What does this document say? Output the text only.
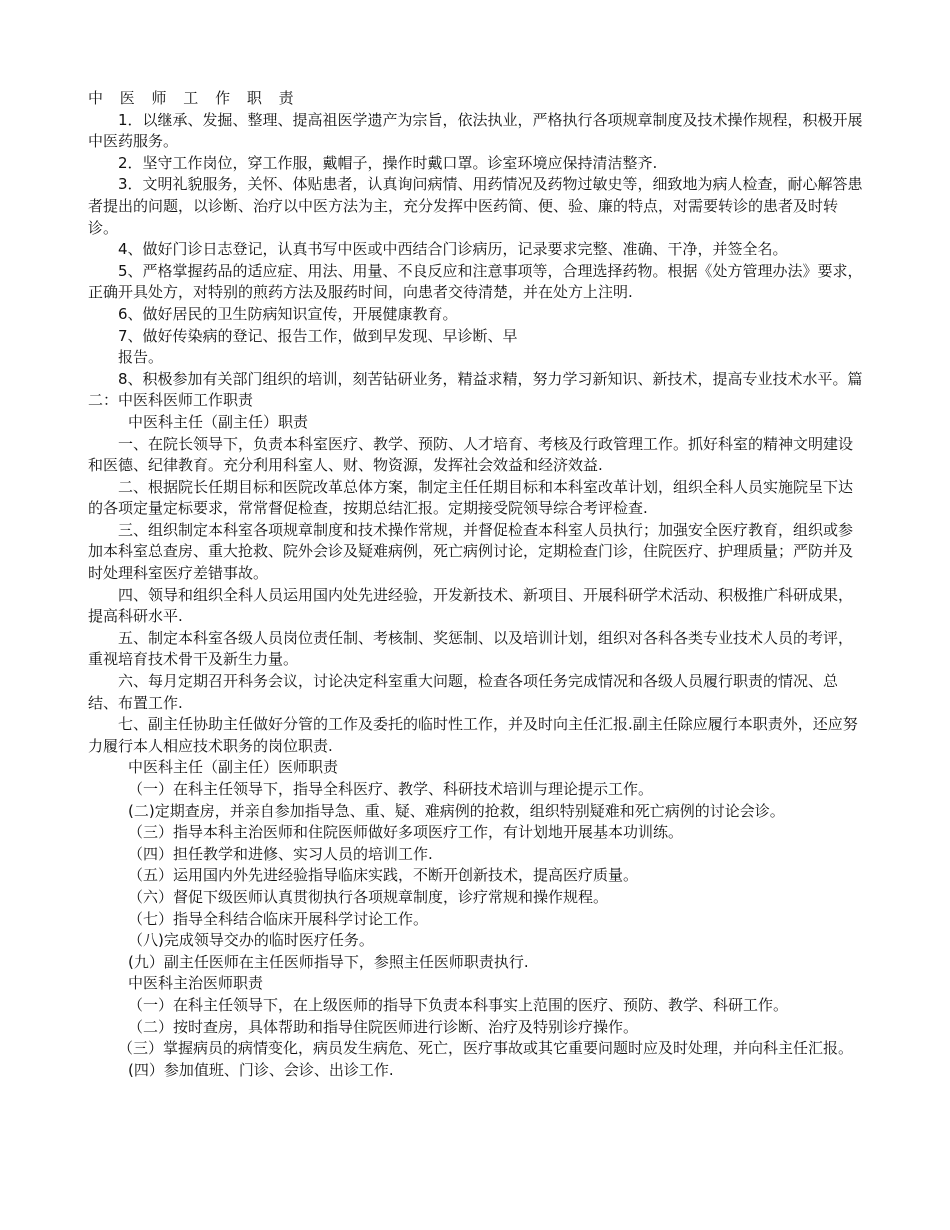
中 医 师 工 作 职 责

1．以继承、发掘、整理、提高祖医学遗产为宗旨，依法执业，严格执行各项规章制度及技术操作规程，积极开展中医药服务。

2．坚守工作岗位，穿工作服，戴帽子，操作时戴口罩。诊室环境应保持清洁整齐.

3．文明礼貌服务，关怀、体贴患者，认真询问病情、用药情况及药物过敏史等，细致地为病人检查，耐心解答患者提出的问题，以诊断、治疗以中医方法为主，充分发挥中医药简、便、验、廉的特点，对需要转诊的患者及时转诊。

4、做好门诊日志登记，认真书写中医或中西结合门诊病历，记录要求完整、准确、干净，并签全名。

5、严格掌握药品的适应症、用法、用量、不良反应和注意事项等，合理选择药物。根据《处方管理办法》要求，正确开具处方，对特别的煎药方法及服药时间，向患者交待清楚，并在处方上注明.

6、做好居民的卫生防病知识宣传，开展健康教育。

7、做好传染病的登记、报告工作，做到早发现、早诊断、早

报告。

8、积极参加有关部门组织的培训，刻苦钻研业务，精益求精，努力学习新知识、新技术，提高专业技术水平。篇二：中医科医师工作职责

中医科主任（副主任）职责

一、在院长领导下，负责本科室医疗、教学、预防、人才培育、考核及行政管理工作。抓好科室的精神文明建设和医德、纪律教育。充分利用科室人、财、物资源，发挥社会效益和经济效益.

二、根据院长任期目标和医院改革总体方案，制定主任任期目标和本科室改革计划，组织全科人员实施院呈下达的各项定量定标要求，常常督促检查，按期总结汇报。定期接受院领导综合考评检查.

三、组织制定本科室各项规章制度和技术操作常规，并督促检查本科室人员执行；加强安全医疗教育，组织或参加本科室总查房、重大抢救、院外会诊及疑难病例，死亡病例讨论，定期检查门诊，住院医疗、护理质量；严防并及时处理科室医疗差错事故。

四、领导和组织全科人员运用国内处先进经验，开发新技术、新项目、开展科研学术活动、积极推广科研成果，提高科研水平.

五、制定本科室各级人员岗位责任制、考核制、奖惩制、以及培训计划，组织对各科各类专业技术人员的考评，重视培育技术骨干及新生力量。

六、每月定期召开科务会议，讨论决定科室重大问题，检查各项任务完成情况和各级人员履行职责的情况、总结、布置工作.

七、副主任协助主任做好分管的工作及委托的临时性工作，并及时向主任汇报.副主任除应履行本职责外，还应努力履行本人相应技术职务的岗位职责.

中医科主任（副主任）医师职责

（一）在科主任领导下，指导全科医疗、教学、科研技术培训与理论提示工作。

(二)定期查房，并亲自参加指导急、重、疑、难病例的抢救，组织特别疑难和死亡病例的讨论会诊。

（三）指导本科主治医师和住院医师做好多项医疗工作，有计划地开展基本功训练。

（四）担任教学和进修、实习人员的培训工作.

（五）运用国内外先进经验指导临床实践，不断开创新技术，提高医疗质量。

（六）督促下级医师认真贯彻执行各项规章制度，诊疗常规和操作规程。

（七）指导全科结合临床开展科学讨论工作。

（八)完成领导交办的临时医疗任务。

(九）副主任医师在主任医师指导下，参照主任医师职责执行.

中医科主治医师职责

（一）在科主任领导下，在上级医师的指导下负责本科事实上范围的医疗、预防、教学、科研工作。

（二）按时查房，具体帮助和指导住院医师进行诊断、治疗及特别诊疗操作。

（三）掌握病员的病情变化，病员发生病危、死亡，医疗事故或其它重要问题时应及时处理，并向科主任汇报。

(四）参加值班、门诊、会诊、出诊工作.
